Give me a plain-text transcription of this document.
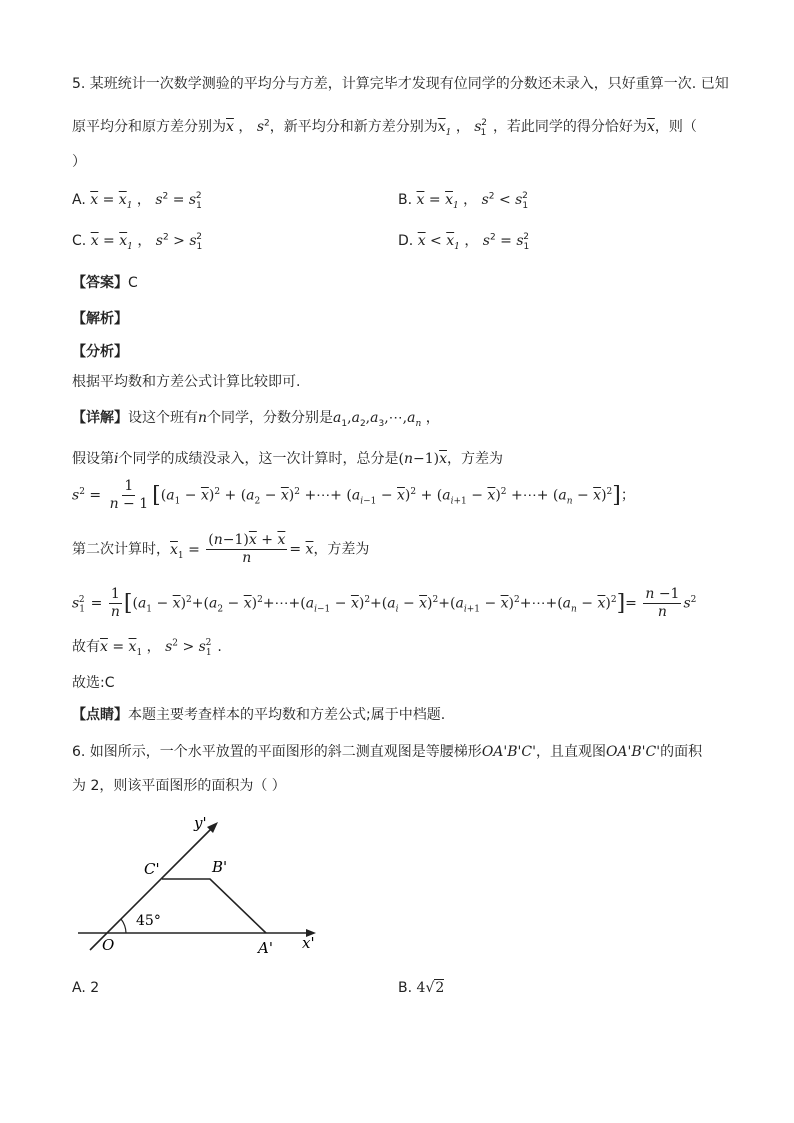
5. 某班统计一次数学测验的平均分与方差，计算完毕才发现有位同学的分数还未录入，只好重算一次. 已知
原平均分和原方差分别为$\overline{x}$ ， $s^2$，新平均分和新方差分别为$\overline{x}_1$ ， $s_1^2$ ，若此同学的得分恰好为$\overline{x}$，则（
）
A. $\overline{x} = \overline{x}_1$ ， $s^2 = s_1^2$	B. $\overline{x} = \overline{x}_1$ ， $s^2 < s_1^2$
C. $\overline{x} = \overline{x}_1$ ， $s^2 > s_1^2$	D. $\overline{x} < \overline{x}_1$ ， $s^2 = s_1^2$
【答案】C
【解析】
【分析】
根据平均数和方差公式计算比较即可.
【详解】设这个班有n个同学，分数分别是$a_1,a_2,a_3,\cdots,a_n$ ，
假设第i个同学的成绩没录入，这一次计算时，总分是$(n-1)\overline{x}$，方差为
$s^2 = \frac{1}{n - 1} [(a_1 - \overline{x})^2 + (a_2 - \overline{x})^2$ +⋯+ $(a_{i-1} - \overline{x})^2 + (a_{i+1} - \overline{x})^2$ +⋯+ $(a_n - \overline{x})^2$]；
第二次计算时，$\overline{x}_1 = \frac{(n-1)\overline{x} + \overline{x}}{n} = \overline{x}$，方差为
$s_1^2 = \frac{1}{n} [(a_1 - \overline{x})^2+(a_2$ − $\overline{x})^2+\cdots+(a_{i-1} - \overline{x})^2+(a_i - \overline{x})^2+(a_{i+1}$ − $\overline{x})^2+\cdots+(a_n - \overline{x})^2]= \frac{n -1}{n} s^2$
故有$\overline{x} = \overline{x}_1$ ， $s^2 > s_1^2$ .
故选:C
【点睛】本题主要考查样本的平均数和方差公式;属于中档题.
6. 如图所示，一个水平放置的平面图形的斜二测直观图是等腰梯形OA'B'C'，且直观图OA'B'C'的面积
为 2，则该平面图形的面积为（ ）
y'
C'	B'
45°
O	A' x'
A. 2	B. 4√2
